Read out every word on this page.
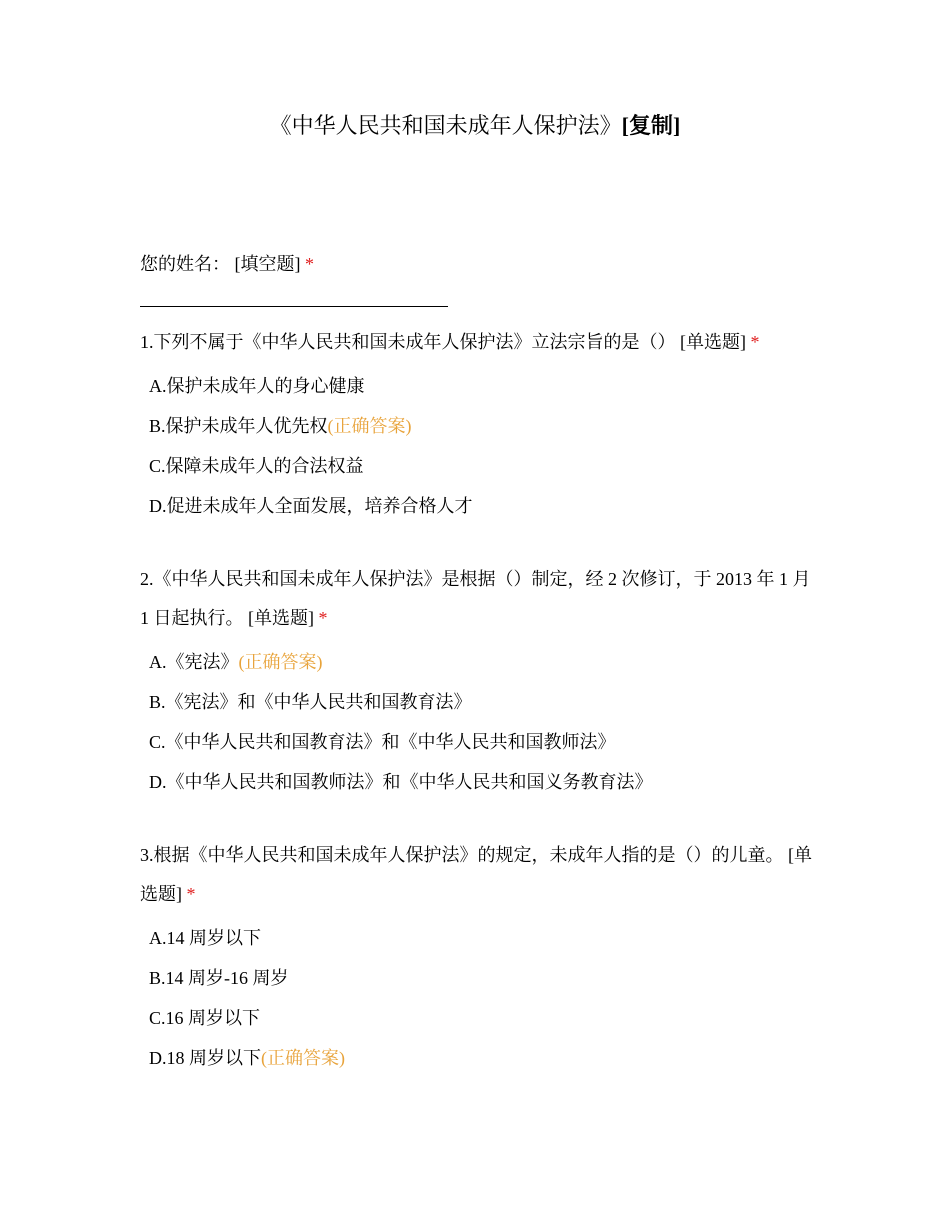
《中华人民共和国未成年人保护法》[复制]

您的姓名： [填空题] *

1.下列不属于《中华人民共和国未成年人保护法》立法宗旨的是（） [单选题] *

A.保护未成年人的身心健康
B.保护未成年人优先权(正确答案)
C.保障未成年人的合法权益
D.促进未成年人全面发展，培养合格人才

2.《中华人民共和国未成年人保护法》是根据（）制定，经 2 次修订，于 2013 年 1 月 1 日起执行。 [单选题] *

A.《宪法》(正确答案)
B.《宪法》和《中华人民共和国教育法》
C.《中华人民共和国教育法》和《中华人民共和国教师法》
D.《中华人民共和国教师法》和《中华人民共和国义务教育法》

3.根据《中华人民共和国未成年人保护法》的规定，未成年人指的是（）的儿童。 [单选题] *

A.14 周岁以下
B.14 周岁-16 周岁
C.16 周岁以下
D.18 周岁以下(正确答案)
